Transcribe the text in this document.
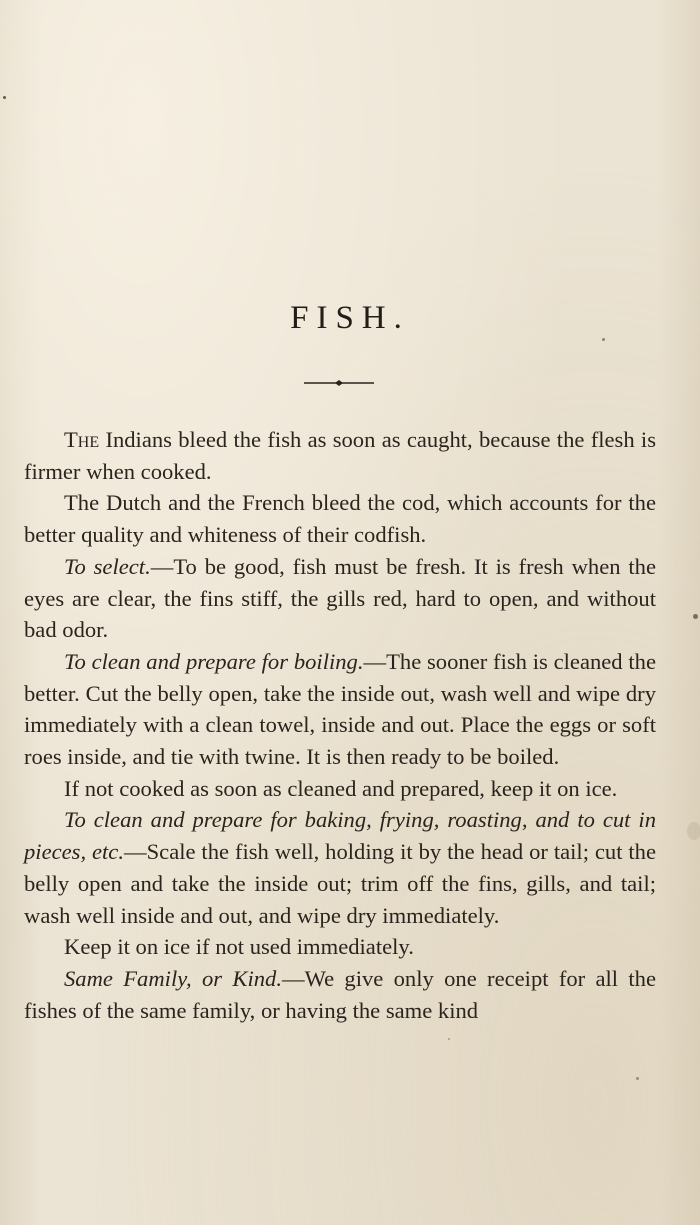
FISH.

The Indians bleed the fish as soon as caught, because the flesh is firmer when cooked.

The Dutch and the French bleed the cod, which accounts for the better quality and whiteness of their codfish.

To select.—To be good, fish must be fresh. It is fresh when the eyes are clear, the fins stiff, the gills red, hard to open, and without bad odor.

To clean and prepare for boiling.—The sooner fish is cleaned the better. Cut the belly open, take the inside out, wash well and wipe dry immediately with a clean towel, inside and out. Place the eggs or soft roes inside, and tie with twine. It is then ready to be boiled.

If not cooked as soon as cleaned and prepared, keep it on ice.

To clean and prepare for baking, frying, roasting, and to cut in pieces, etc.—Scale the fish well, holding it by the head or tail; cut the belly open and take the inside out; trim off the fins, gills, and tail; wash well inside and out, and wipe dry immediately.

Keep it on ice if not used immediately.

Same Family, or Kind.—We give only one receipt for all the fishes of the same family, or having the same kind
